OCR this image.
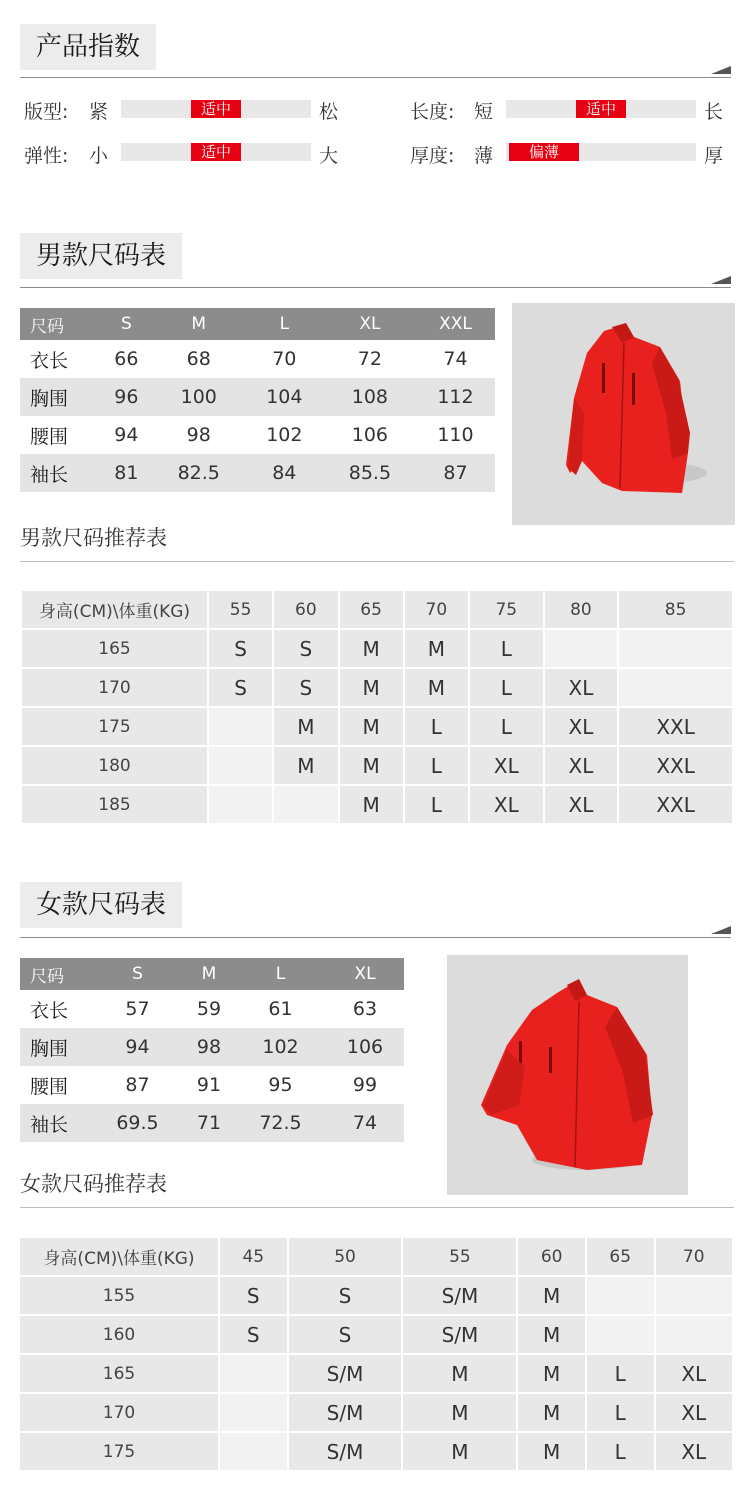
产品指数
版型: 紧	适中	松	长度: 短	适中	长
弹性: 小	适中	大	厚度: 薄	偏薄	厚
男款尺码表
尺码	S	M	L	XL	XXL
衣长	66	68	70	72	74
胸围	96	100	104	108	112
腰围	94	98	102	106	110
袖长	81	82.5	84	85.5	87
男款尺码推荐表
身高(CM)\体重(KG)	55	60	65	70	75	80	85
165	S	S	M	M	L		
170	S	S	M	M	L	XL	
175		M	M	L	L	XL	XXL
180		M	M	L	XL	XL	XXL
185			M	L	XL	XL	XXL
女款尺码表
尺码	S	M	L	XL
衣长	57	59	61	63
胸围	94	98	102	106
腰围	87	91	95	99
袖长	69.5	71	72.5	74
女款尺码推荐表
身高(CM)\体重(KG)	45	50	55	60	65	70
155	S	S	S/M	M		
160	S	S	S/M	M		
165		S/M	M	M	L	XL
170		S/M	M	M	L	XL
175		S/M	M	M	L	XL
